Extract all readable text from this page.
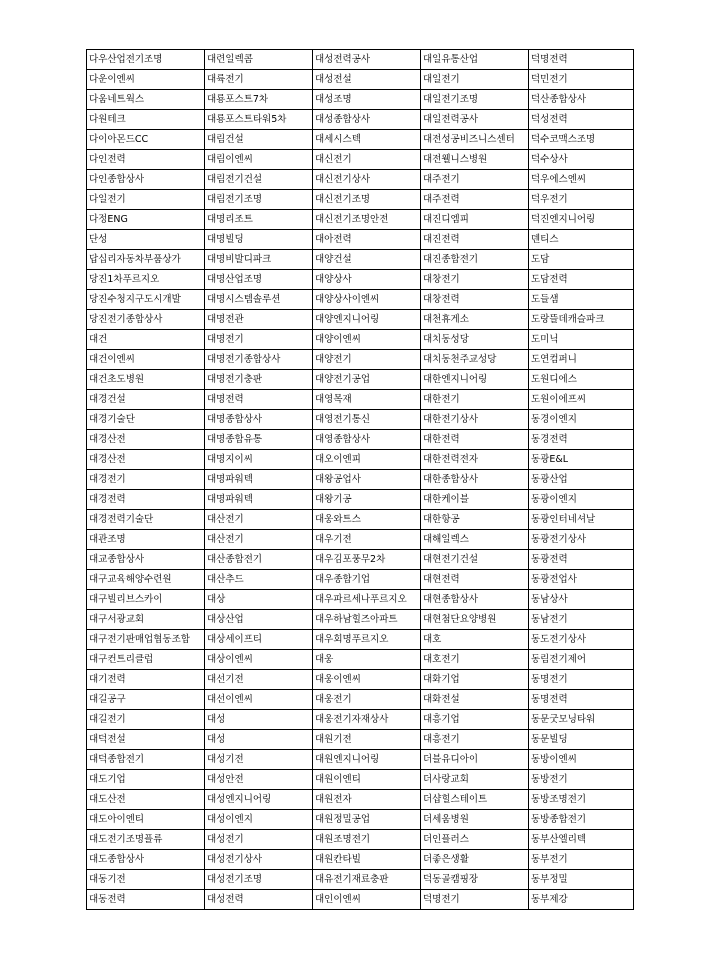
다우산업전기조명	대련일렉콤	대성전력공사	대일유통산업	덕명전력
다운이엔씨	대륙전기	대성전설	대일전기	덕민전기
다움네트웍스	대룡포스트7차	대성조명	대일전기조명	덕산종합상사
다원테크	대룡포스트타워5차	대성종합상사	대일전력공사	덕성전력
다이아몬드CC	대림건설	대세시스텍	대전성공비즈니스센터	덕수코맥스조명
다인전력	대림이엔씨	대신전기	대전웰니스병원	덕수상사
다인종합상사	대림전기건설	대신전기상사	대주전기	덕우에스엔씨
다일전기	대림전기조명	대신전기조명	대주전력	덕우전기
다정ENG	대명리조트	대신전기조명안전	대진디엠피	덕진엔지니어링
단성	대명빌딩	대아전력	대진전력	덴티스
답십리자동차부품상가	대명비발디파크	대양건설	대진종합전기	도담
당진1차푸르지오	대명산업조명	대양상사	대창전기	도담전력
당진수청지구도시개발	대명시스템솔루션	대양상사이엔씨	대창전력	도들샘
당진전기종합상사	대명전관	대양엔지니어링	대천휴게소	도랑뜰데캐슬파크
대건	대명전기	대양이엔씨	대치동성당	도미닉
대건이엔씨	대명전기종합상사	대양전기	대치동천주교성당	도연컴퍼니
대건초도병원	대명전기충판	대양전기공업	대한엔지니어링	도원디에스
대경건설	대명전력	대영목재	대한전기	도원이에프씨
대경기술단	대명종합상사	대영전기통신	대한전기상사	동경이엔지
대경산전	대명종합유통	대영종합상사	대한전력	동경전력
대경산전	대명지이씨	대오이엔피	대한전력전자	동광E&L
대경전기	대명파워텍	대왕공업사	대한종합상사	동광산업
대경전력	대명파워텍	대왕기공	대한케이블	동광이엔지
대경전력기술단	대산전기	대웅와트스	대한항공	동광인터네셔날
대관조명	대산전기	대우기전	대해일렉스	동광전기상사
대교종합상사	대산종합전기	대우김포풍무2차	대현전기건설	동광전력
대구교육해양수련원	대산추드	대우종합기업	대현전력	동광전업사
대구빌리브스카이	대상	대우파르세나푸르지오	대현종합상사	동남상사
대구서광교회	대상산업	대우하남힐즈아파트	대현첨단요양병원	동남전기
대구전기판매업협동조합	대상세이프티	대우회명푸르지오	대호	동도전기상사
대구컨트리클럽	대상이엔씨	대웅	대호전기	동림전기제어
대기전력	대선기전	대웅이엔씨	대화기업	동명전기
대길공구	대선이엔씨	대웅전기	대화전설	동명전력
대길전기	대성	대웅전기자재상사	대흥기업	동문굿모닝타워
대덕전설	대성	대원기전	대흥전기	동문빌딩
대덕종합전기	대성기전	대원엔지니어링	더블유디아이	동방이엔씨
대도기업	대성안전	대원이엔티	더사랑교회	동방전기
대도산전	대성엔지니어링	대원전자	더샵힐스테이트	동방조명전기
대도아이엔티	대성이엔지	대원정밀공업	더세움병원	동방종합전기
대도전기조명플류	대성전기	대원조명전기	더인플러스	동부산엘리텍
대도종합상사	대성전기상사	대원칸타빌	더좋은생활	동부전기
대동기전	대성전기조명	대유전기재료충판	덕동골캠핑장	동부정밀
대동전력	대성전력	대인이엔씨	덕명전기	동부제강
